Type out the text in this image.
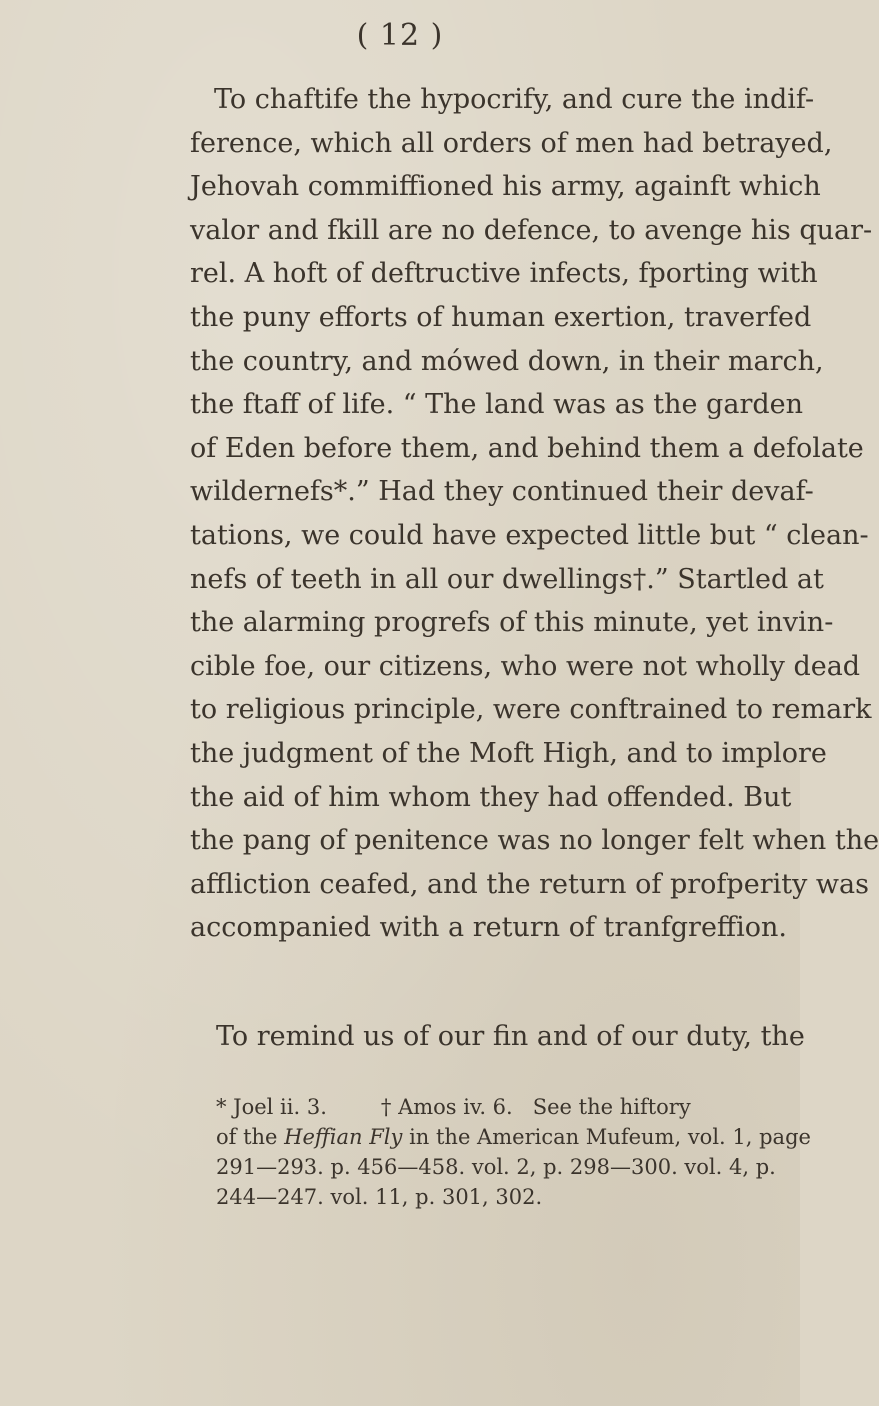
( 12 )
To chaftife the hypocrify, and cure the indif-
ference, which all orders of men had betrayed,
Jehovah commiffioned his army, againft which
valor and fkill are no defence, to avenge his quar-
rel. A hoft of deftructive infects, fporting with
the puny efforts of human exertion, traverfed
the country, and mówed down, in their march,
the ftaff of life. “ The land was as the garden
of Eden before them, and behind them a defolate
wildernefs*.” Had they continued their devaf-
tations, we could have expected little but “ clean-
nefs of teeth in all our dwellings†.” Startled at
the alarming progrefs of this minute, yet invin-
cible foe, our citizens, who were not wholly dead
to religious principle, were conftrained to remark
the judgment of the Moft High, and to implore
the aid of him whom they had offended. But
the pang of penitence was no longer felt when the
affliction ceafed, and the return of profperity was
accompanied with a return of tranfgreffion.
To remind us of our fin and of our duty, the
* Joel ii. 3.	† Amos iv. 6. See the hiftory
of the Heffian Fly in the American Mufeum, vol. 1, page
291—293. p. 456—458. vol. 2, p. 298—300. vol. 4, p.
244—247. vol. 11, p. 301, 302.
